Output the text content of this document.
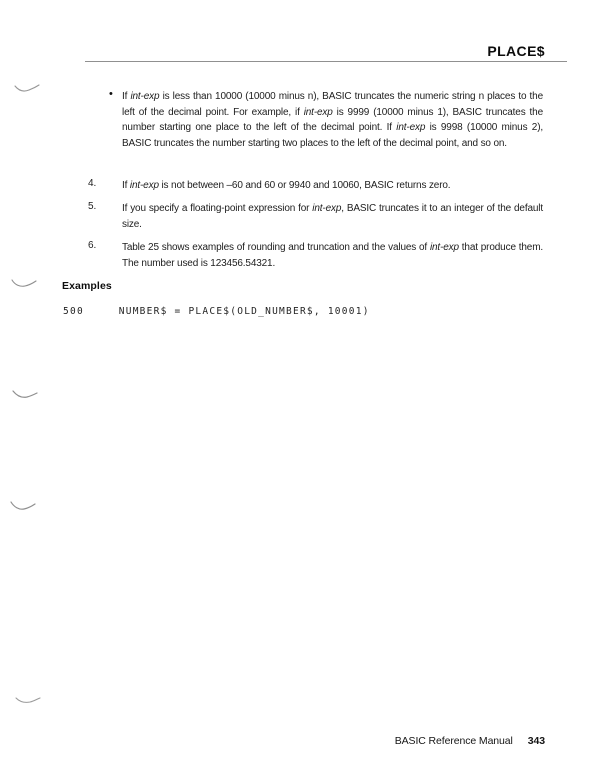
PLACE$
• If int-exp is less than 10000 (10000 minus n), BASIC truncates the numeric string n places to the left of the decimal point. For example, if int-exp is 9999 (10000 minus 1), BASIC truncates the number starting one place to the left of the decimal point. If int-exp is 9998 (10000 minus 2), BASIC truncates the number starting two places to the left of the decimal point, and so on.

4.	If int-exp is not between –60 and 60 or 9940 and 10060, BASIC returns zero.

5.	If you specify a floating-point expression for int-exp, BASIC truncates it to an integer of the default size.

6.	Table 25 shows examples of rounding and truncation and the values of int-exp that produce them. The number used is 123456.54321.

Examples
500     NUMBER$ = PLACE$(OLD_NUMBER$, 10001)
BASIC Reference Manual 343
